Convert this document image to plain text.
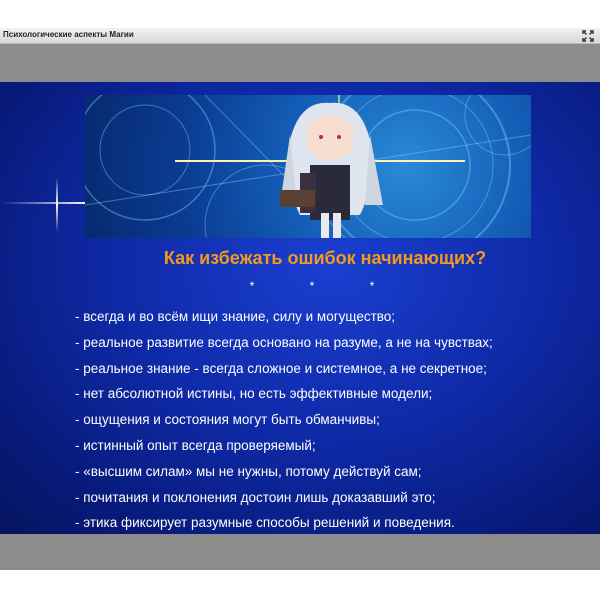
Психологические аспекты Магии
Как избежать ошибок начинающих?
* * *
- всегда и во всём ищи знание, силу и могущество;
- реальное развитие всегда основано на разуме, а не на чувствах;
- реальное знание - всегда сложное и системное, а не секретное;
- нет абсолютной истины, но есть эффективные модели;
- ощущения и состояния могут быть обманчивы;
- истинный опыт всегда проверяемый;
- «высшим силам» мы не нужны, потому действуй сам;
- почитания и поклонения достоин лишь доказавший это;
- этика фиксирует разумные способы решений и поведения.
